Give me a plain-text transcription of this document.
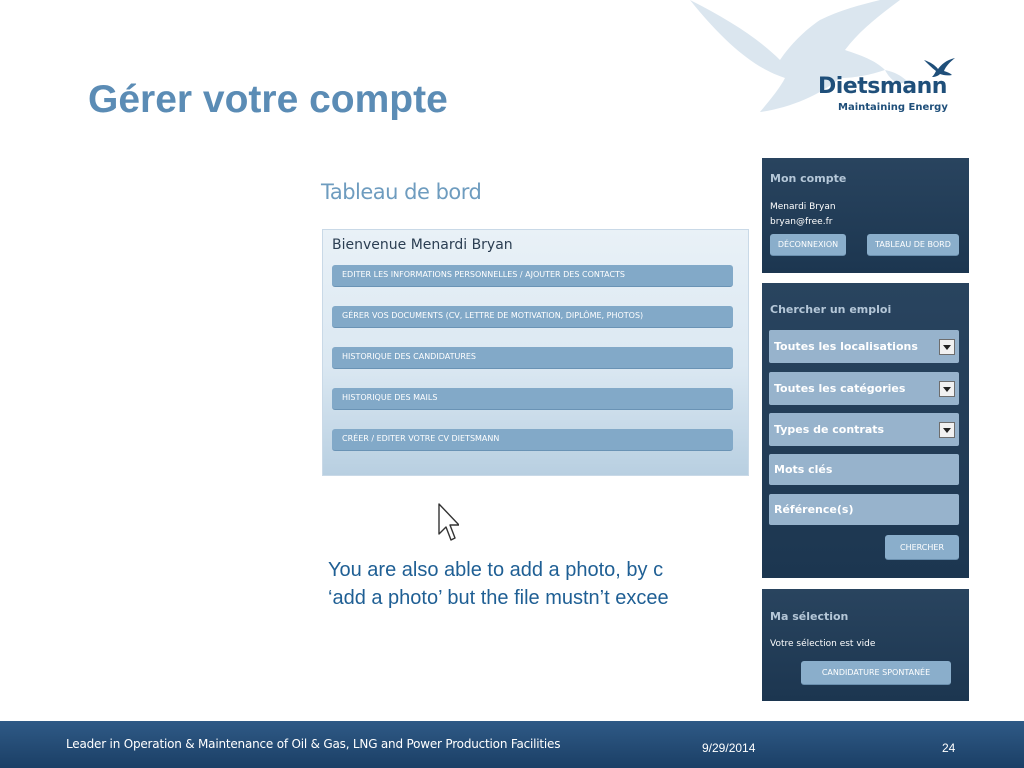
Dietsmann
Maintaining Energy
Gérer votre compte
Tableau de bord
Bienvenue Menardi Bryan
EDITER LES INFORMATIONS PERSONNELLES / AJOUTER DES CONTACTS
GÉRER VOS DOCUMENTS (CV, LETTRE DE MOTIVATION, DIPLÔME, PHOTOS)
HISTORIQUE DES CANDIDATURES
HISTORIQUE DES MAILS
CRÉER / EDITER VOTRE CV DIETSMANN
You are also able to add a photo, by c
‘add a photo’ but the file mustn’t excee
Mon compte
Menardi Bryan
bryan@free.fr
DÉCONNEXION	TABLEAU DE BORD
Chercher un emploi
Toutes les localisations
Toutes les catégories
Types de contrats
Mots clés
Référence(s)
CHERCHER
Ma sélection
Votre sélection est vide
CANDIDATURE SPONTANÉE
Leader in Operation & Maintenance of Oil & Gas, LNG and Power Production Facilities	9/29/2014	24
